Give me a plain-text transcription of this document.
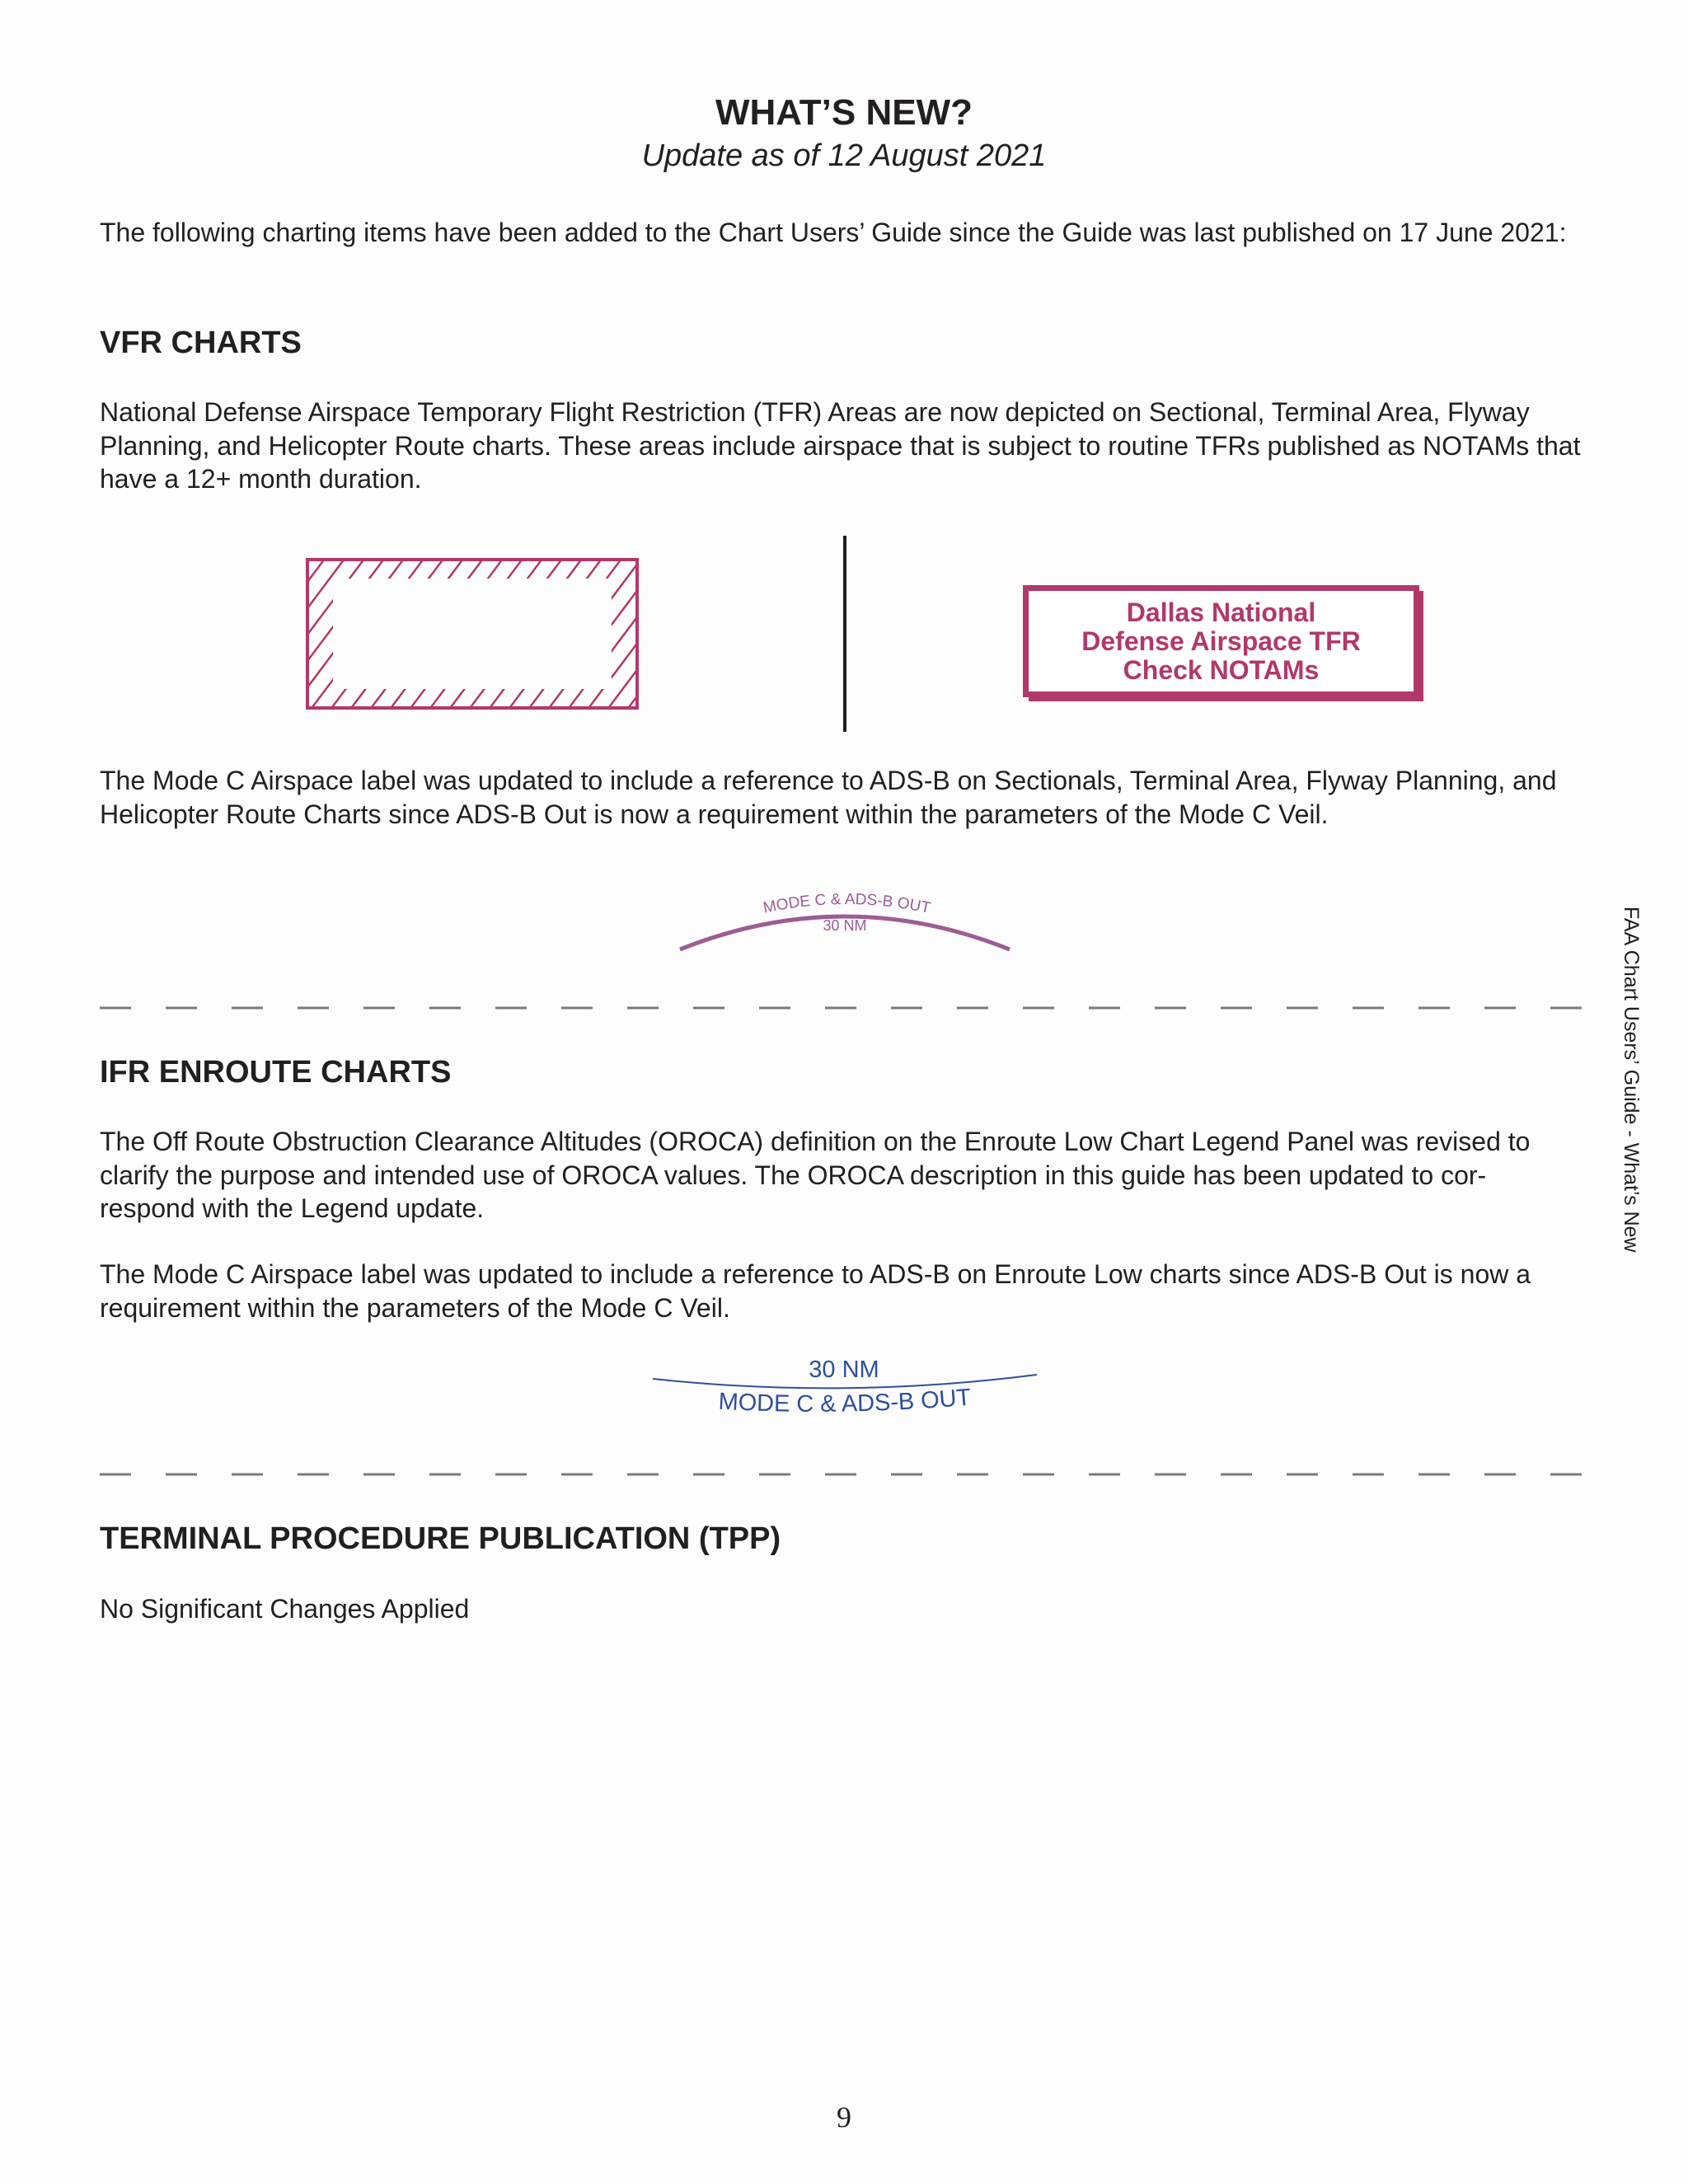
WHAT’S NEW?
Update as of 12 August 2021

The following charting items have been added to the Chart Users’ Guide since the Guide was last published on 17 June 2021:

VFR CHARTS

National Defense Airspace Temporary Flight Restriction (TFR) Areas are now depicted on Sectional, Terminal Area, Flyway Planning, and Helicopter Route charts. These areas include airspace that is subject to routine TFRs published as NOTAMs that have a 12+ month duration.

Dallas National
Defense Airspace TFR
Check NOTAMs

The Mode C Airspace label was updated to include a reference to ADS-B on Sectionals, Terminal Area, Flyway Planning, and Helicopter Route Charts since ADS-B Out is now a requirement within the parameters of the Mode C Veil.

MODE C & ADS-B OUT
30 NM
IFR ENROUTE CHARTS

The Off Route Obstruction Clearance Altitudes (OROCA) definition on the Enroute Low Chart Legend Panel was revised to clarify the purpose and intended use of OROCA values. The OROCA description in this guide has been updated to cor- respond with the Legend update.

The Mode C Airspace label was updated to include a reference to ADS-B on Enroute Low charts since ADS-B Out is now a requirement within the parameters of the Mode C Veil.

30 NM
MODE C & ADS-B OUT
TERMINAL PROCEDURE PUBLICATION (TPP)

No Significant Changes Applied

FAA Chart Users’ Guide - What’s New
9
